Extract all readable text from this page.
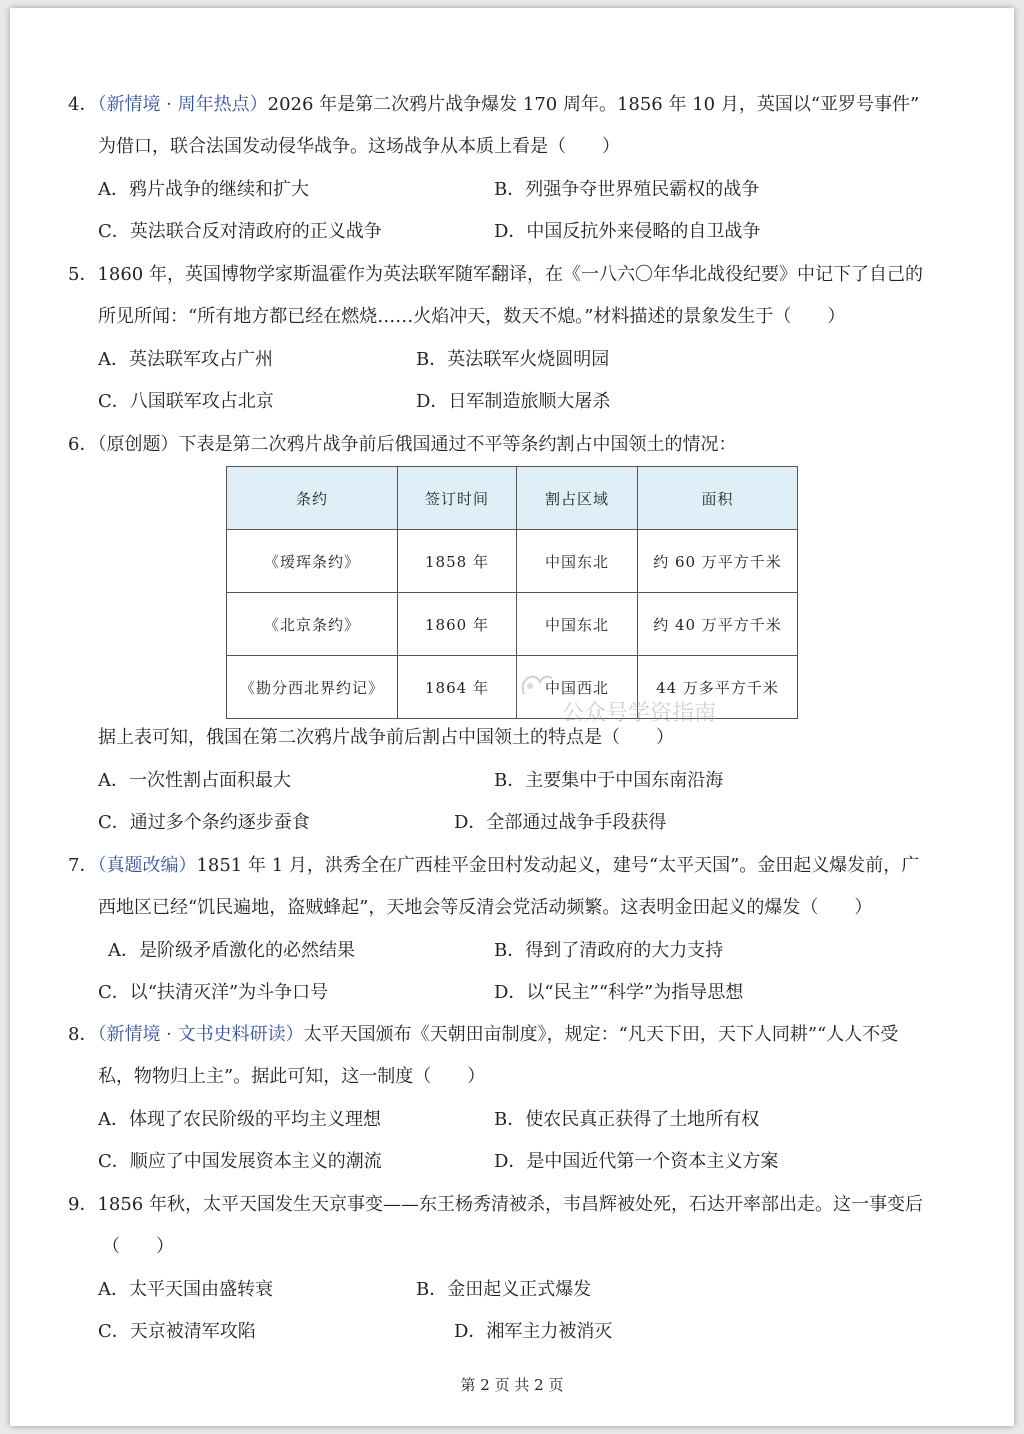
4．（新情境 · 周年热点）2026 年是第二次鸦片战争爆发 170 周年。1856 年 10 月，英国以“亚罗号事件”
为借口，联合法国发动侵华战争。这场战争从本质上看是（　　）
A．鸦片战争的继续和扩大	B．列强争夺世界殖民霸权的战争
C．英法联合反对清政府的正义战争	D．中国反抗外来侵略的自卫战争
5．1860 年，英国博物学家斯温霍作为英法联军随军翻译，在《一八六〇年华北战役纪要》中记下了自己的
所见所闻：“所有地方都已经在燃烧……火焰冲天，数天不熄。”材料描述的景象发生于（　　）
A．英法联军攻占广州	B．英法联军火烧圆明园
C．八国联军攻占北京	D．日军制造旅顺大屠杀
6．（原创题）下表是第二次鸦片战争前后俄国通过不平等条约割占中国领土的情况：
条约	签订时间	割占区域	面积
《瑷珲条约》	1858 年	中国东北	约 60 万平方千米
《北京条约》	1860 年	中国东北	约 40 万平方千米
《勘分西北界约记》	1864 年	中国西北	44 万多平方千米
公众号学资指南
据上表可知，俄国在第二次鸦片战争前后割占中国领土的特点是（　　）
A．一次性割占面积最大	B．主要集中于中国东南沿海
C．通过多个条约逐步蚕食	D．全部通过战争手段获得
7．（真题改编）1851 年 1 月，洪秀全在广西桂平金田村发动起义，建号“太平天国”。金田起义爆发前，广
西地区已经“饥民遍地，盗贼蜂起”，天地会等反清会党活动频繁。这表明金田起义的爆发（　　）
A．是阶级矛盾激化的必然结果	B．得到了清政府的大力支持
C．以“扶清灭洋”为斗争口号	D．以“民主”“科学”为指导思想
8．（新情境 · 文书史料研读）太平天国颁布《天朝田亩制度》，规定：“凡天下田，天下人同耕”“人人不受
私，物物归上主”。据此可知，这一制度（　　）
A．体现了农民阶级的平均主义理想	B．使农民真正获得了土地所有权
C．顺应了中国发展资本主义的潮流	D．是中国近代第一个资本主义方案
9．1856 年秋，太平天国发生天京事变——东王杨秀清被杀，韦昌辉被处死，石达开率部出走。这一事变后
（　　）
A．太平天国由盛转衰	B．金田起义正式爆发
C．天京被清军攻陷	D．湘军主力被消灭
第 2 页 共 2 页
